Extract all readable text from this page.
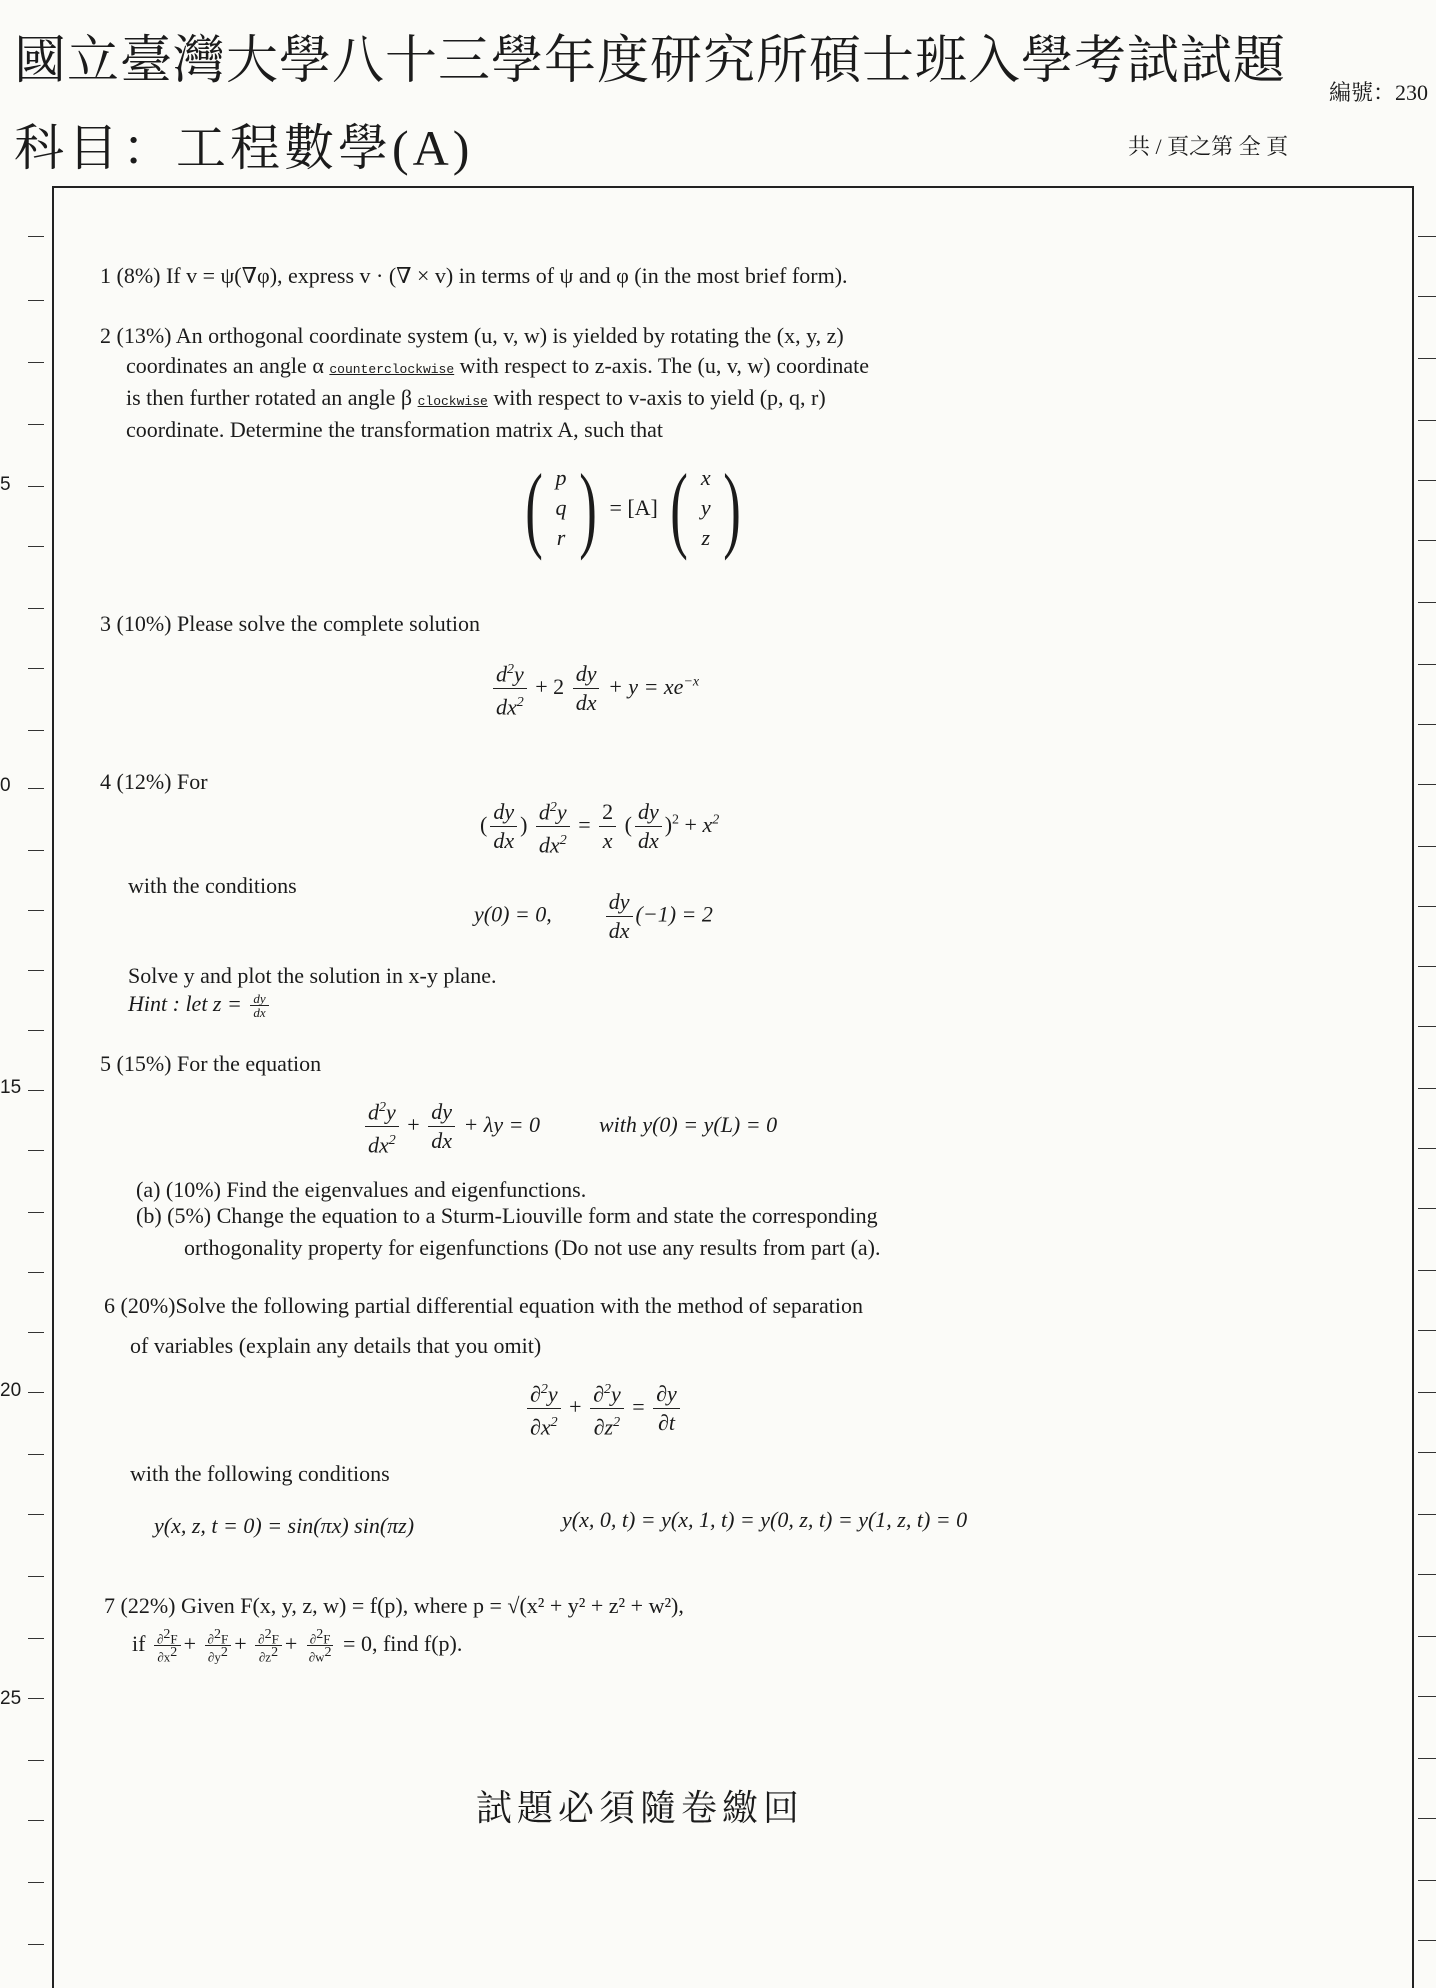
國立臺灣大學八十三學年度研究所碩士班入學考試試題
科目：工程數學(A)
編號：230
共 / 頁之第 全 頁
5
0
15
20
25
1 (8%) If v = ψ(∇φ), express v · (∇ × v) in terms of ψ and φ (in the most brief form).
2 (13%) An orthogonal coordinate system (u, v, w) is yielded by rotating the (x, y, z)
coordinates an angle α counterclockwise with respect to z-axis. The (u, v, w) coordinate
is then further rotated an angle β clockwise with respect to v-axis to yield (p, q, r)
coordinate. Determine the transformation matrix A, such that
( p
q
r ) = [A] ( x
y
z )
3 (10%) Please solve the complete solution
$\frac{d^2y}{dx^2} + 2 \frac{dy}{dx} + y = xe^{-x}$
4 (12%) For
( $\frac{dy}{dx}$ ) $\frac{d^2y}{dx^2} = \frac{2}{x}$ ( $\frac{dy}{dx} )^2 + x^2$
with the conditions
y(0) = 0, $\frac{dy}{dx} (-1) = 2$
Solve y and plot the solution in x-y plane.
Hint : let $z = \frac{dy}{dx}$
5 (15%) For the equation
$\frac{d^2y}{dx^2} + \frac{dy}{dx} + \lambda y = 0$	with y(0) = y(L) = 0
(a) (10%) Find the eigenvalues and eigenfunctions.
(b) (5%) Change the equation to a Sturm-Liouville form and state the corresponding
orthogonality property for eigenfunctions (Do not use any results from part (a).
6 (20%)Solve the following partial differential equation with the method of separation
of variables (explain any details that you omit)
$\frac{\partial^2y}{\partial x^2} + \frac{\partial^2y}{\partial z^2} = \frac{\partial y}{\partial t}$
with the following conditions
y(x, z, t = 0) = sin(πx) sin(πz)	y(x, 0, t) = y(x, 1, t) = y(0, z, t) = y(1, z, t) = 0
7 (22%) Given F(x, y, z, w) = f(p), where p = √(x² + y² + z² + w²),
if $\frac{\partial^2F}{\partial x^2} + \frac{\partial^2F}{\partial y^2} + \frac{\partial^2F}{\partial z^2} + \frac{\partial^2F}{\partial w^2} = 0$, find f(p).
試題必須隨卷繳回
